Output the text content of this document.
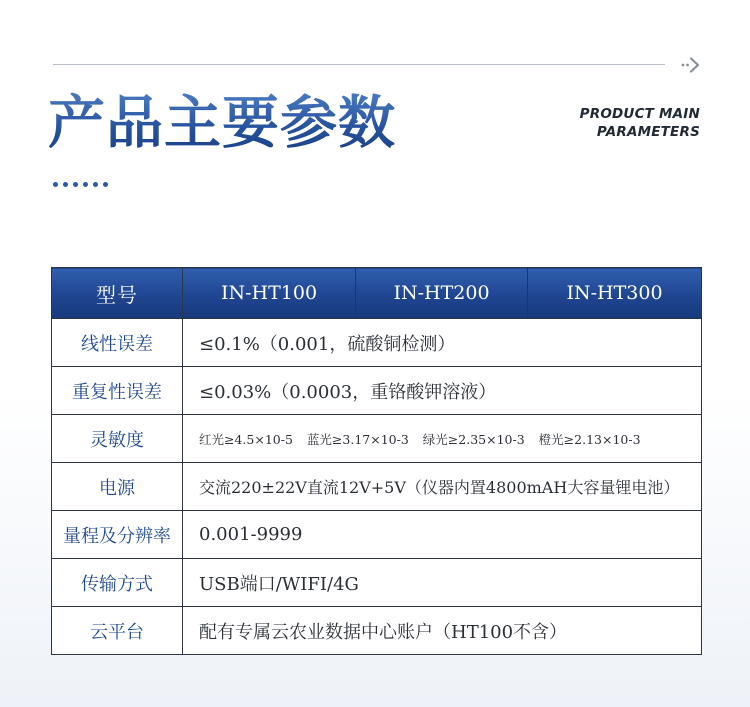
产品主要参数	PRODUCT MAIN
PARAMETERS
型号	IN-HT100	IN-HT200	IN-HT300
线性误差	≤0.1%（0.001，硫酸铜检测）		
重复性误差	≤0.03%（0.0003，重铬酸钾溶液）		
灵敏度	红光≥4.5×10-5 蓝光≥3.17×10-3 绿光≥2.35×10-3 橙光≥2.13×10-3		
电源	交流220±22V直流12V+5V（仪器内置4800mAH大容量锂电池）		
量程及分辨率	0.001-9999		
传输方式	USB端口/WIFI/4G		
云平台	配有专属云农业数据中心账户（HT100不含）		
